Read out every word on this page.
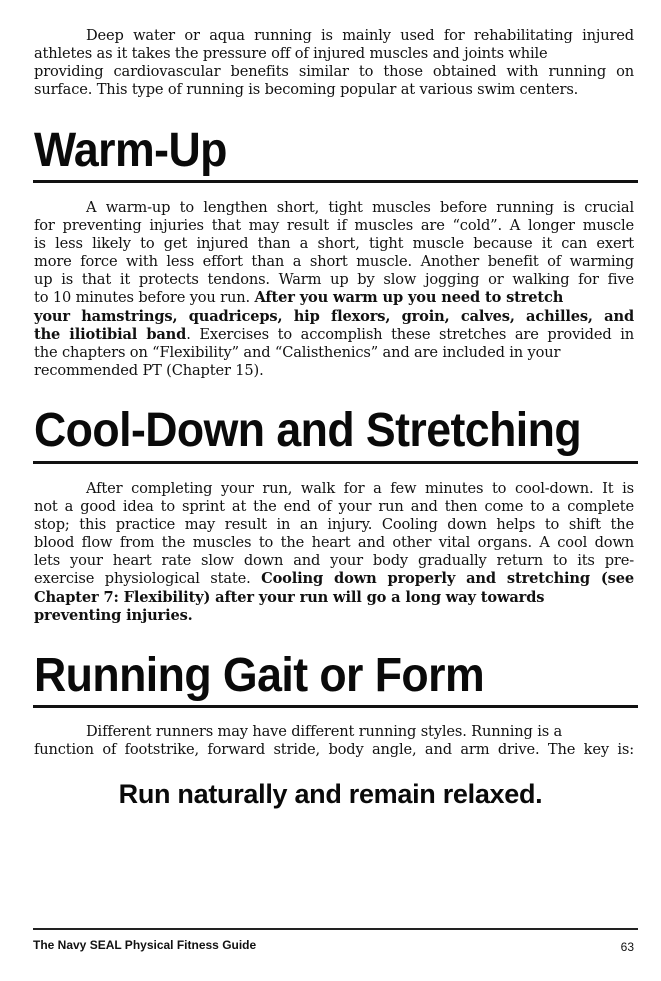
Deep water or aqua running is mainly used for rehabilitating injured
athletes as it takes the pressure off of injured muscles and joints while
providing cardiovascular benefits similar to those obtained with running on
surface. This type of running is becoming popular at various swim centers.
Warm-Up
A warm-up to lengthen short, tight muscles before running is crucial
for preventing injuries that may result if muscles are “cold”. A longer muscle
is less likely to get injured than a short, tight muscle because it can exert
more force with less effort than a short muscle. Another benefit of warming
up is that it protects tendons. Warm up by slow jogging or walking for five
to 10 minutes before you run. After you warm up you need to stretch
your hamstrings, quadriceps, hip flexors, groin, calves, achilles, and
the iliotibial band. Exercises to accomplish these stretches are provided in
the chapters on “Flexibility” and “Calisthenics” and are included in your
recommended PT (Chapter 15).
Cool-Down and Stretching
After completing your run, walk for a few minutes to cool-down. It is
not a good idea to sprint at the end of your run and then come to a complete
stop; this practice may result in an injury. Cooling down helps to shift the
blood flow from the muscles to the heart and other vital organs. A cool down
lets your heart rate slow down and your body gradually return to its pre-
exercise physiological state. Cooling down properly and stretching (see
Chapter 7: Flexibility) after your run will go a long way towards
preventing injuries.
Running Gait or Form
Different runners may have different running styles. Running is a
function of footstrike, forward stride, body angle, and arm drive. The key is:
Run naturally and remain relaxed.
The Navy SEAL Physical Fitness Guide	63
